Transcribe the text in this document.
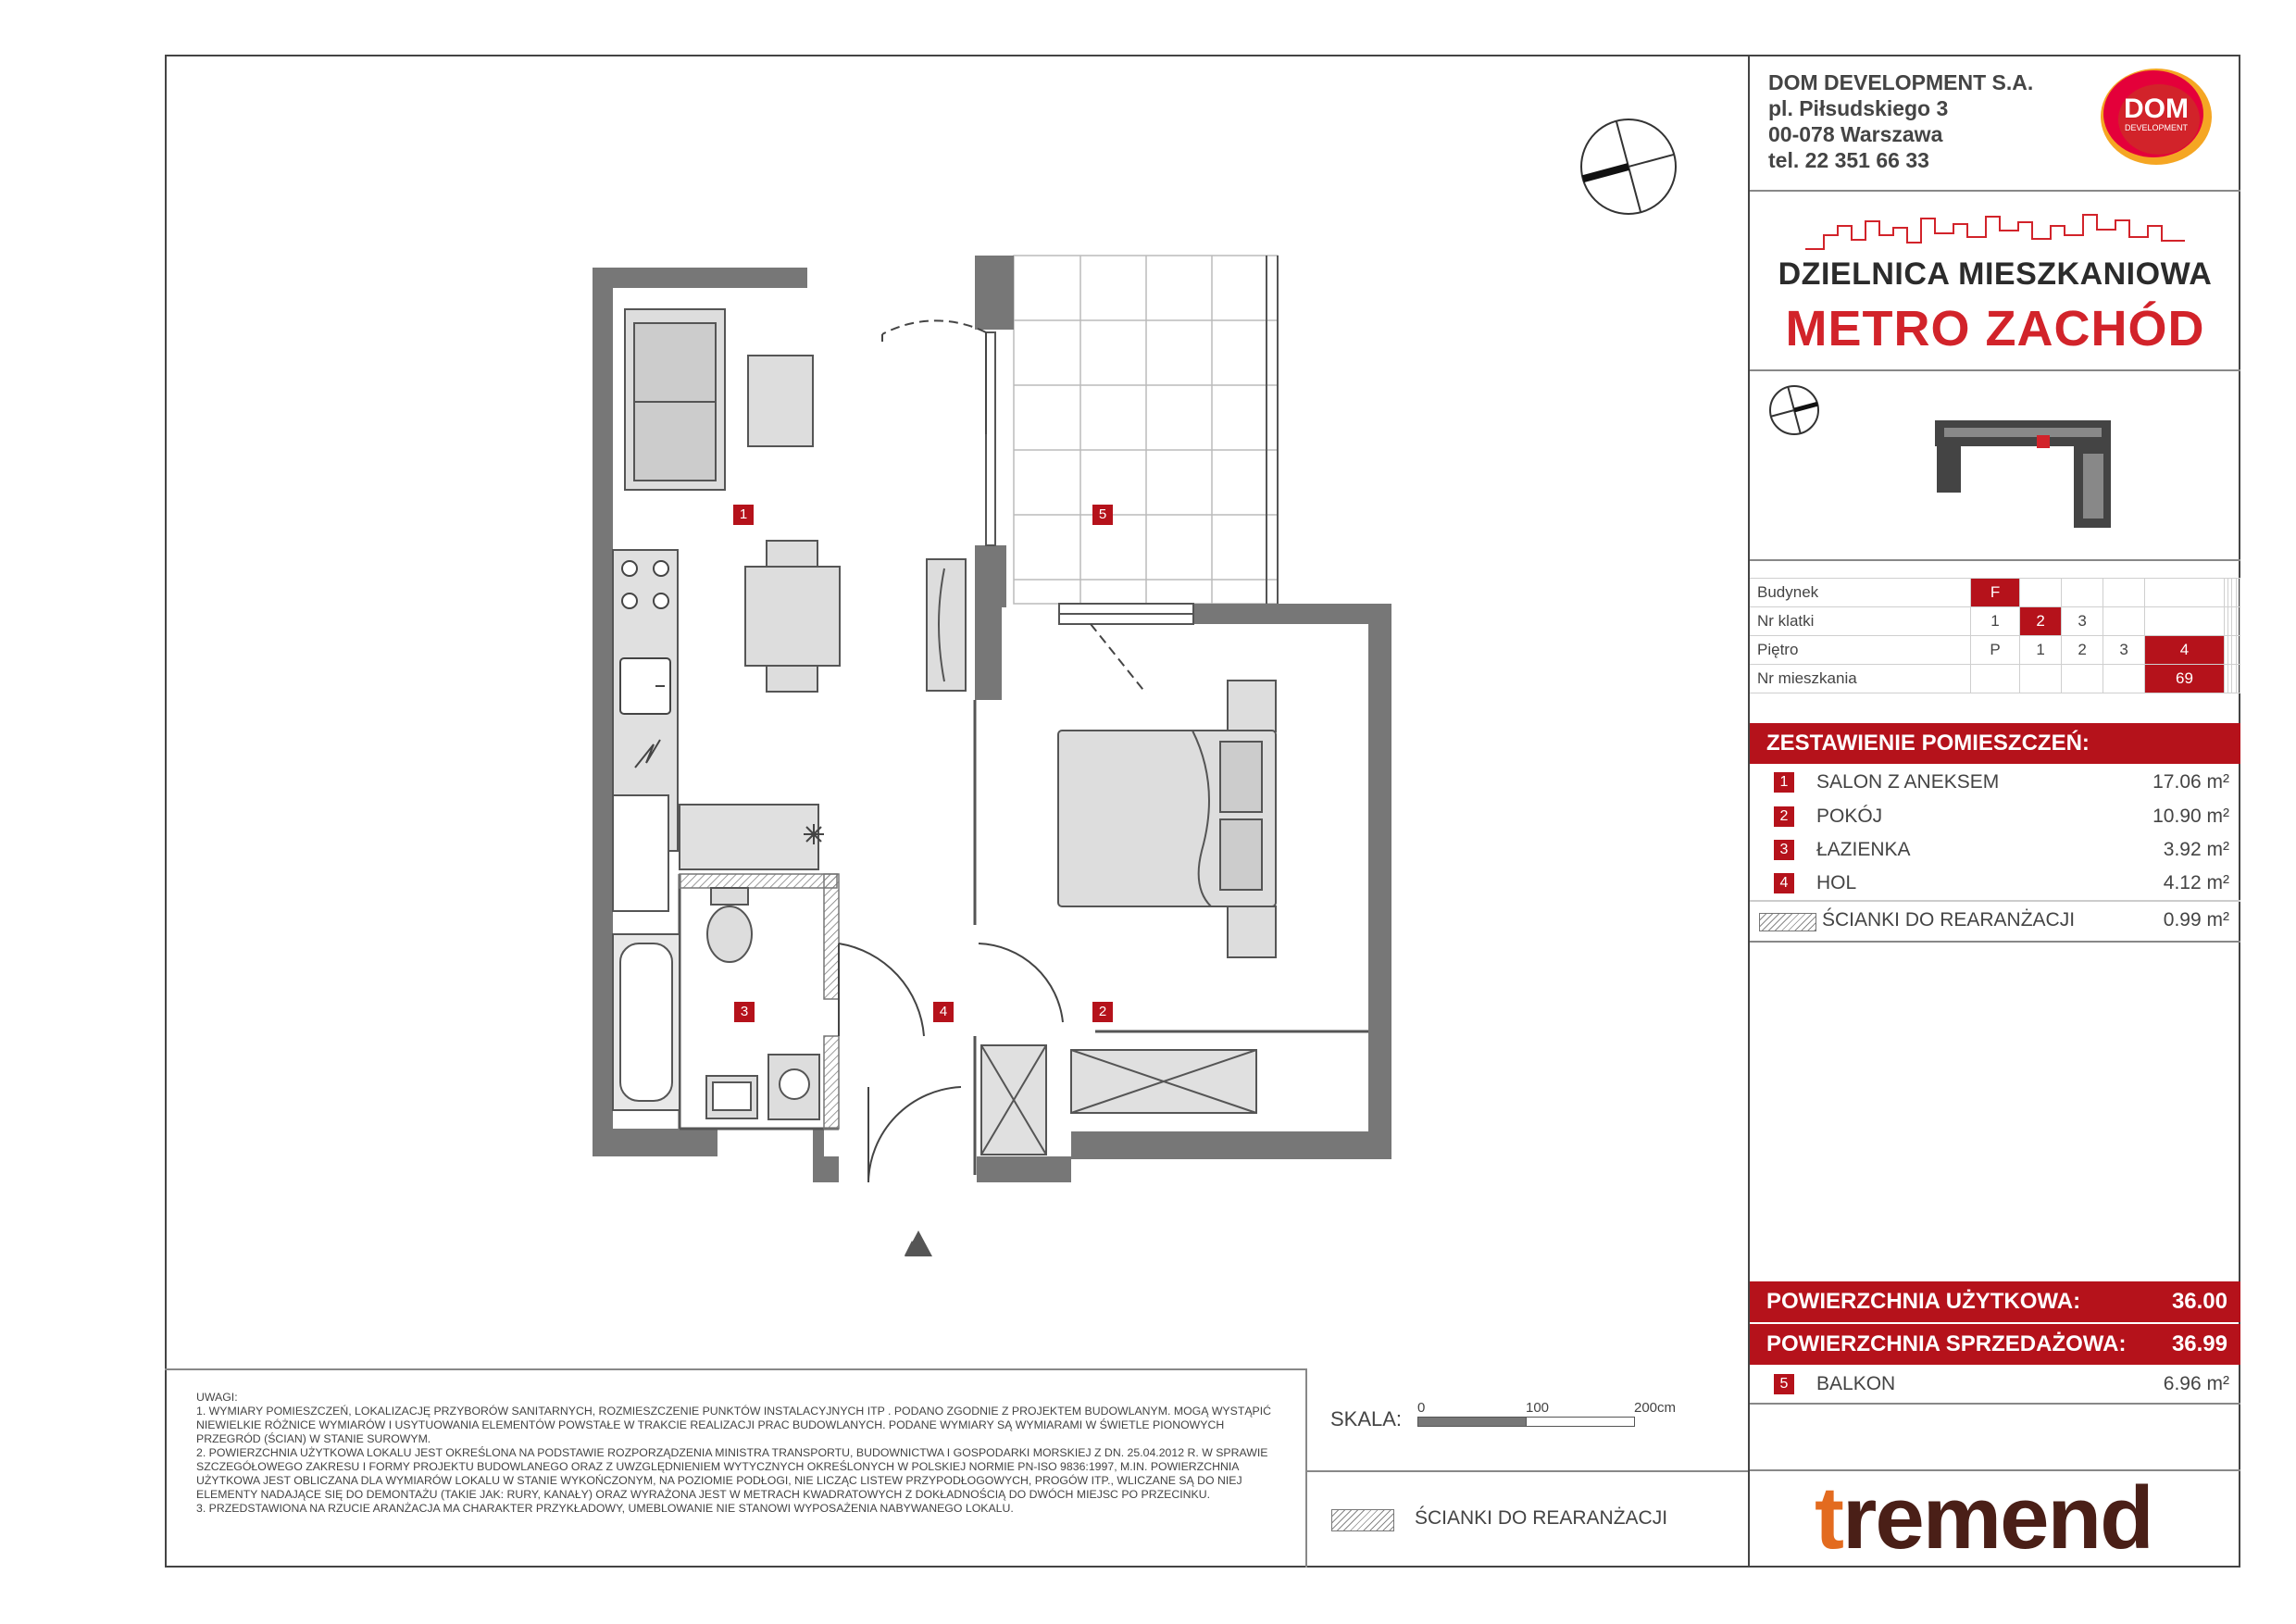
1	5
3	4	2
UWAGI:
1. WYMIARY POMIESZCZEŃ, LOKALIZACJĘ PRZYBORÓW SANITARNYCH, ROZMIESZCZENIE PUNKTÓW INSTALACYJNYCH ITP . PODANO ZGODNIE Z PROJEKTEM BUDOWLANYM. MOGĄ WYSTĄPIĆ NIEWIELKIE RÓŻNICE WYMIARÓW I USYTUOWANIA ELEMENTÓW POWSTAŁE W TRAKCIE REALIZACJI PRAC BUDOWLANYCH. PODANE WYMIARY SĄ WYMIARAMI W ŚWIETLE PIONOWYCH PRZEGRÓD (ŚCIAN) W STANIE SUROWYM.
2. POWIERZCHNIA UŻYTKOWA LOKALU JEST OKREŚLONA NA PODSTAWIE ROZPORZĄDZENIA MINISTRA TRANSPORTU, BUDOWNICTWA I GOSPODARKI MORSKIEJ Z DN. 25.04.2012 R. W SPRAWIE SZCZEGÓŁOWEGO ZAKRESU I FORMY PROJEKTU BUDOWLANEGO ORAZ Z UWZGLĘDNIENIEM WYTYCZNYCH OKREŚLONYCH W POLSKIEJ NORMIE PN-ISO 9836:1997, M.IN. POWIERZCHNIA UŻYTKOWA JEST OBLICZANA DLA WYMIARÓW LOKALU W STANIE WYKOŃCZONYM, NA POZIOMIE PODŁOGI, NIE LICZĄC LISTEW PRZYPODŁOGOWYCH, PROGÓW ITP., WLICZANE SĄ DO NIEJ ELEMENTY NADAJĄCE SIĘ DO DEMONTAŻU (TAKIE JAK: RURY, KANAŁY) ORAZ WYRAŻONA JEST W METRACH KWADRATOWYCH Z DOKŁADNOŚCIĄ DO DWÓCH MIEJSC PO PRZECINKU.
3. PRZEDSTAWIONA NA RZUCIE ARANŻACJA MA CHARAKTER PRZYKŁADOWY, UMEBLOWANIE NIE STANOWI WYPOSAŻENIA NABYWANEGO LOKALU.
SKALA: 0	100	200cm
ŚCIANKI DO REARANŻACJI
DOM DEVELOPMENT S.A.
pl. Piłsudskiego 3
00-078 Warszawa
tel. 22 351 66 33
DOM
DEVELOPMENT
DZIELNICA MIESZKANIOWA
METRO ZACHÓD
Budynek	F								
Nr klatki	1	2	3						
Piętro	P	1	2	3	4				
Nr mieszkania					69				
ZESTAWIENIE POMIESZCZEŃ:
1	SALON Z ANEKSEM	17.06 m²
2	POKÓJ	10.90 m²
3	ŁAZIENKA	3.92 m²
4	HOL	4.12 m²
ŚCIANKI DO REARANŻACJI	0.99 m²
POWIERZCHNIA UŻYTKOWA:	36.00
POWIERZCHNIA SPRZEDAŻOWA: 36.99
5	BALKON	6.96 m²
tremend
